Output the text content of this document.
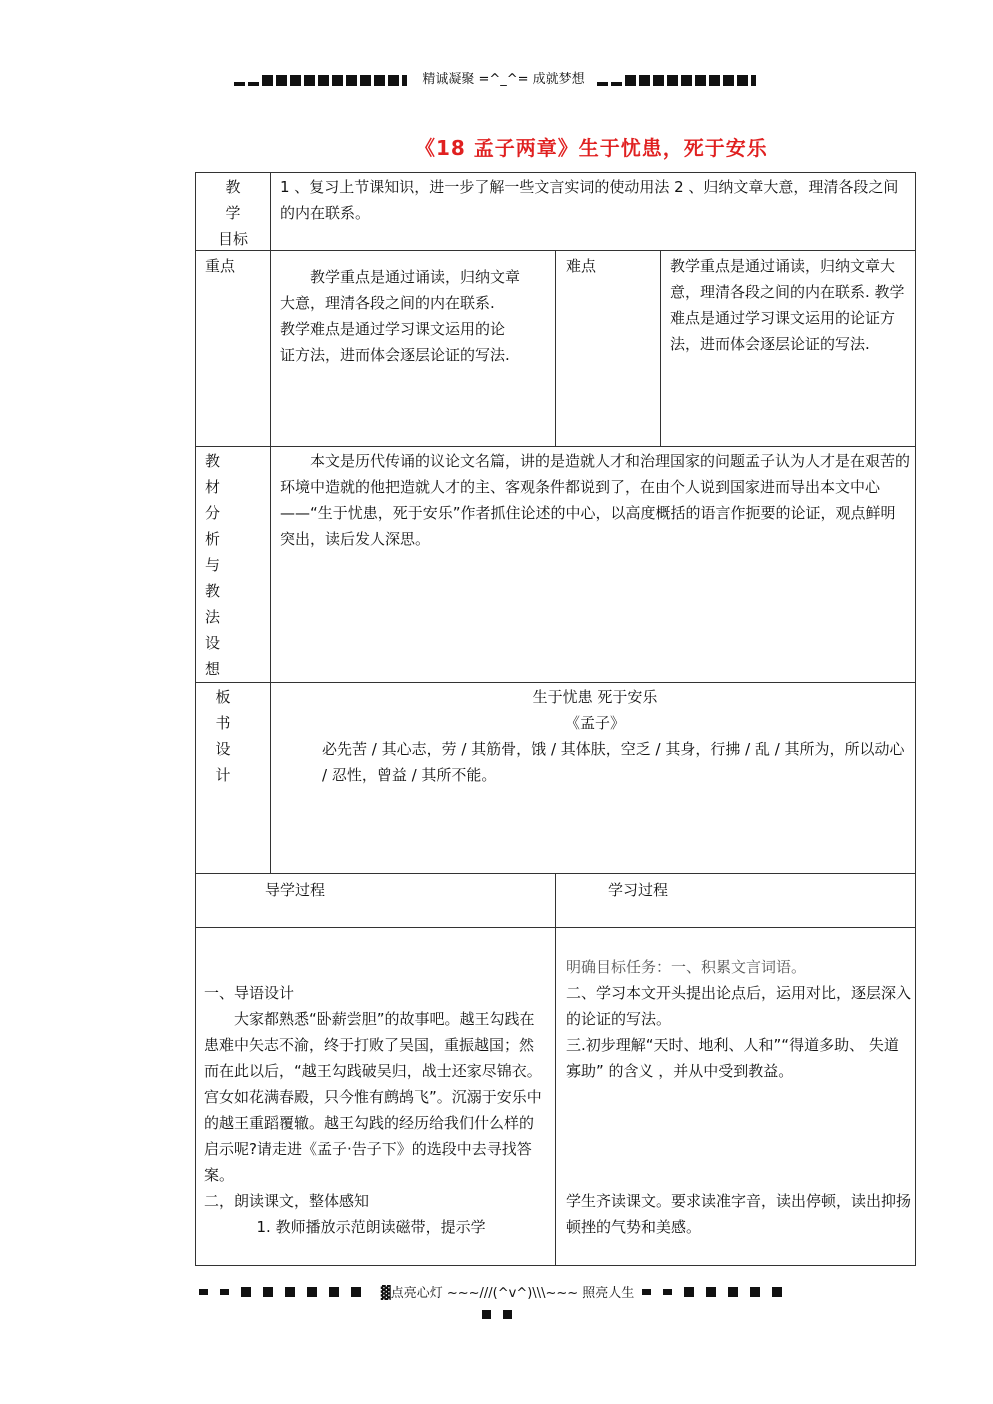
精诚凝聚 =^_^= 成就梦想
《18 孟子两章》生于忧患，死于安乐
教
学
目标
1 、复习上节课知识，进一步了解一些文言实词的使动用法 2 、归纳文章大意，理清各段之间的内在联系。
重点

教学重点是通过诵读，归纳文章

大意，理清各段之间的内在联系.

教学难点是通过学习课文运用的论

证方法，进而体会逐层论证的写法.

难点	教学重点是通过诵读，归纳文章大意，理清各段之间的内在联系. 教学难点是通过学习课文运用的论证方法，进而体会逐层论证的写法.
教
材
分
析
与
教
法
设
想
本文是历代传诵的议论文名篇，讲的是造就人才和治理国家的问题孟子认为人才是在艰苦的环境中造就的他把造就人才的主、客观条件都说到了，在由个人说到国家进而导出本文中心——“生于忧患，死于安乐”作者抓住论述的中心，以高度概括的语言作扼要的论证，观点鲜明突出，读后发人深思。
板
书
设
计
生于忧患 死于安乐
《孟子》
必先苦 / 其心志，劳 / 其筋骨，饿 / 其体肤，空乏 / 其身，行拂 / 乱 / 其所为，所以动心 / 忍性，曾益 / 其所不能。
导学过程	学习过程

一、导语设计

大家都熟悉“卧薪尝胆”的故事吧。越王勾践在患难中矢志不渝，终于打败了吴国，重振越国；然而在此以后，“越王勾践破吴归，战士还家尽锦衣。宫女如花满春殿，只今惟有鹧鸪飞”。沉溺于安乐中的越王重蹈覆辙。越王勾践的经历给我们什么样的启示呢?请走进《孟子·告子下》的选段中去寻找答案。

二，朗读课文，整体感知

1. 教师播放示范朗读磁带，提示学

明确目标任务：一、积累文言词语。

二、学习本文开头提出论点后，运用对比，逐层深入的论证的写法。

三.初步理解“天时、地利、人和”“得道多助、 失道寡助” 的含义 ，并从中受到教益。

学生齐读课文。要求读准字音，读出停顿，读出抑扬顿挫的气势和美感。
▓点亮心灯 ~~~///(^v^)\\\~~~ 照亮人生
